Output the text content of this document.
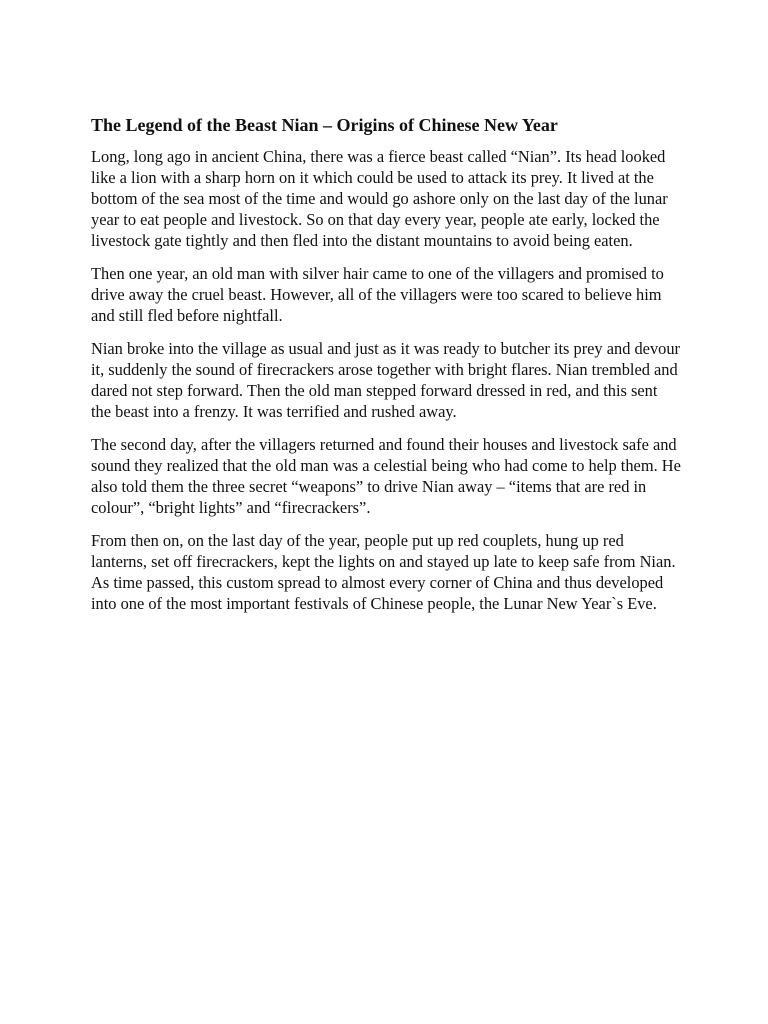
The Legend of the Beast Nian – Origins of Chinese New Year

Long, long ago in ancient China, there was a fierce beast called “Nian”. Its head looked like a lion with a sharp horn on it which could be used to attack its prey. It lived at the bottom of the sea most of the time and would go ashore only on the last day of the lunar year to eat people and livestock. So on that day every year, people ate early, locked the livestock gate tightly and then fled into the distant mountains to avoid being eaten.

Then one year, an old man with silver hair came to one of the villagers and promised to drive away the cruel beast. However, all of the villagers were too scared to believe him and still fled before nightfall.

Nian broke into the village as usual and just as it was ready to butcher its prey and devour it, suddenly the sound of firecrackers arose together with bright flares. Nian trembled and dared not step forward. Then the old man stepped forward dressed in red, and this sent the beast into a frenzy. It was terrified and rushed away.

The second day, after the villagers returned and found their houses and livestock safe and sound they realized that the old man was a celestial being who had come to help them. He also told them the three secret “weapons” to drive Nian away – “items that are red in colour”, “bright lights” and “firecrackers”.

From then on, on the last day of the year, people put up red couplets, hung up red lanterns, set off firecrackers, kept the lights on and stayed up late to keep safe from Nian. As time passed, this custom spread to almost every corner of China and thus developed into one of the most important festivals of Chinese people, the Lunar New Year`s Eve.
